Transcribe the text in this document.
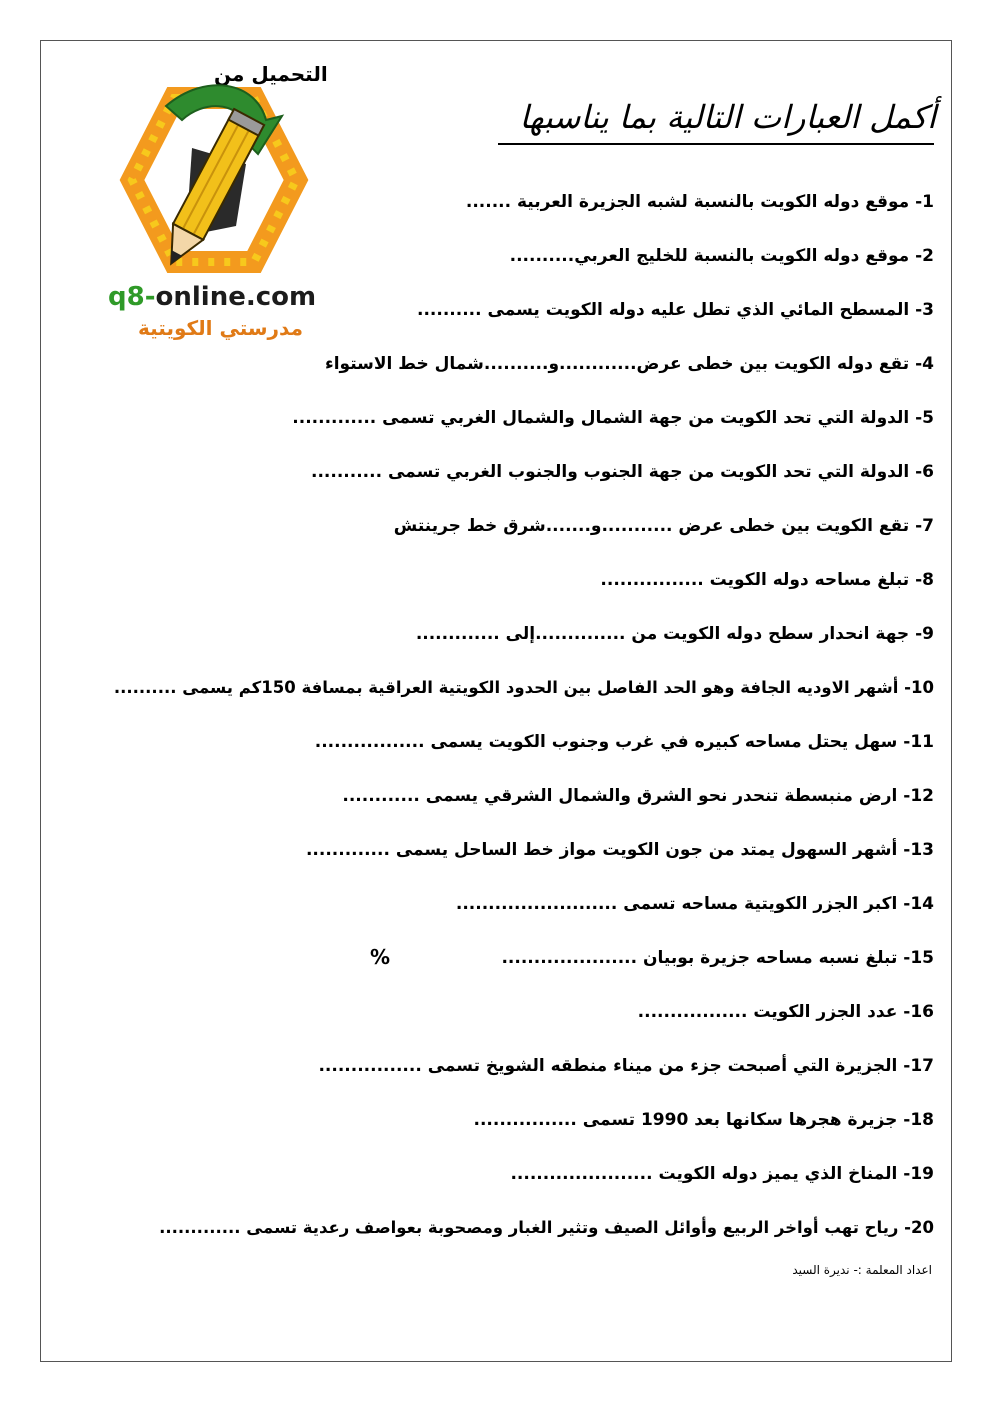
التحميل من
q8-online.com
مدرستي الكويتية
أكمل العبارات التالية بما يناسبها
1- موقع دوله الكويت بالنسبة لشبه الجزيرة العربية .......
2- موقع دوله الكويت بالنسبة للخليج العربي..........
3- المسطح المائي الذي تطل عليه دوله الكويت يسمى ..........
4- تقع دوله الكويت بين خطى عرض............و..........شمال خط الاستواء
5- الدولة التي تحد الكويت من جهة الشمال والشمال الغربي تسمى .............
6- الدولة التي تحد الكويت من جهة الجنوب والجنوب الغربي تسمى ...........
7- تقع الكويت بين خطى عرض ...........و.......شرق خط جرينتش
8- تبلغ مساحه دوله الكويت ................
9- جهة انحدار سطح دوله الكويت من ..............إلى .............
10- أشهر الاوديه الجافة وهو الحد الفاصل بين الحدود الكويتية العراقية بمسافة 150كم يسمى ..........
11- سهل يحتل مساحه كبيره في غرب وجنوب الكويت يسمى .................
12- ارض منبسطة تنحدر نحو الشرق والشمال الشرقي يسمى ............
13- أشهر السهول يمتد من جون الكويت مواز خط الساحل يسمى .............
14- اكبر الجزر الكويتية مساحه تسمى .........................
15- تبلغ نسبه مساحه جزيرة بوبيان .....................
%
16- عدد الجزر الكويت .................
17- الجزيرة التي أصبحت جزء من ميناء منطقه الشويخ تسمى ................
18- جزيرة هجرها سكانها بعد 1990 تسمى ................
19- المناخ الذي يميز دوله الكويت ......................
20- رياح تهب أواخر الربيع وأوائل الصيف وتثير الغبار ومصحوبة بعواصف رعدية تسمى .............
اعداد المعلمة :- نديرة السيد
